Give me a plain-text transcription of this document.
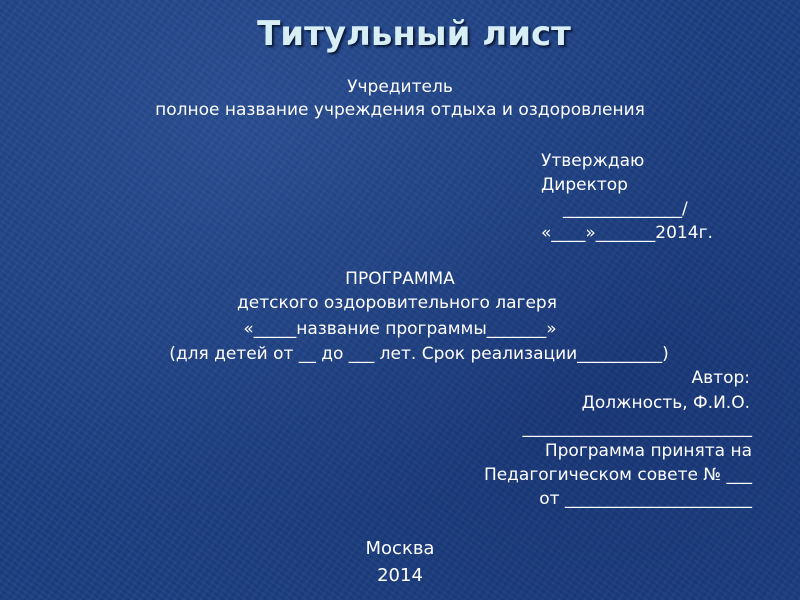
Титульный лист
Учредитель
полное название учреждения отдыха и оздоровления
Утверждаю
Директор
______________/
«____»_______2014г.
ПРОГРАММА
детского оздоровительного лагеря
«_____название программы_______»
(для детей от __ до ___ лет. Срок реализации__________)
Автор:
Должность, Ф.И.О.
___________________________
Программа принята на
Педагогическом совете № ___
от ______________________
Москва
2014
